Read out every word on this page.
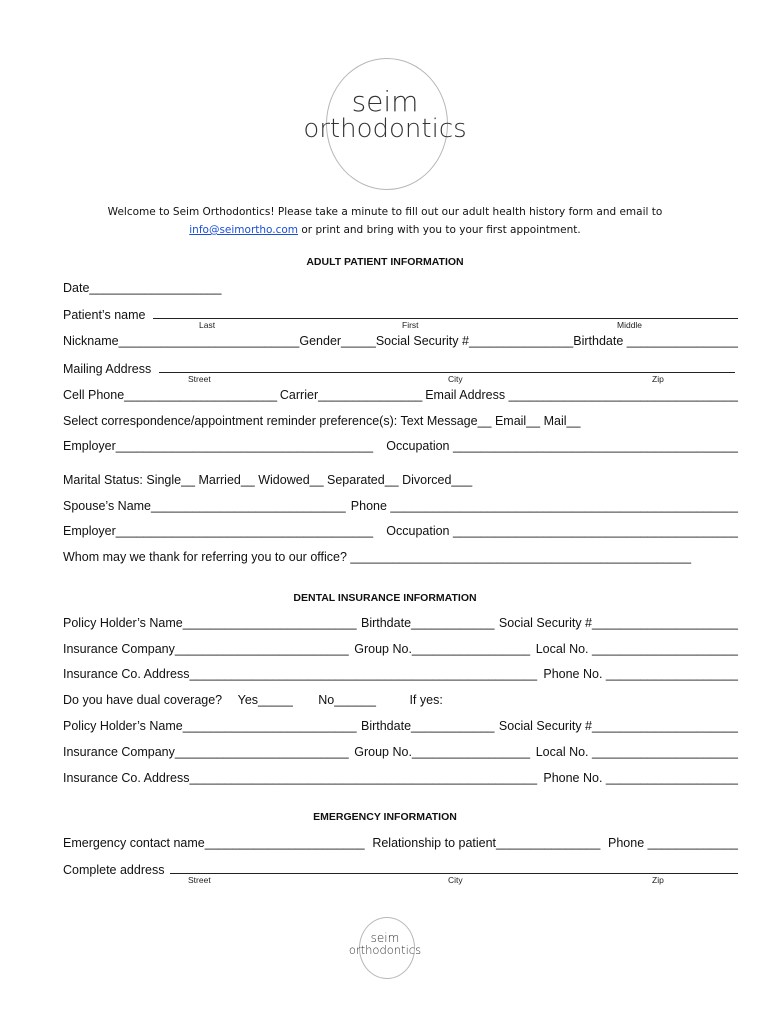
seim
orthodontics
Welcome to Seim Orthodontics! Please take a minute to fill out our adult health history form and email to
info@seimortho.com or print and bring with you to your first appointment.
ADULT PATIENT INFORMATION
Date___________________
Patient’s name
Last	First	Middle
Nickname__________________________ Gender_____ Social Security #_______________ Birthdate ________________
Mailing Address
Street	City	Zip
Cell Phone______________________ Carrier_______________ Email Address _________________________________
Select correspondence/appointment reminder preference(s): Text Message__ Email__ Mail__
Employer_____________________________________ Occupation _________________________________________
Marital Status: Single__ Married__ Widowed__ Separated__ Divorced___
Spouse’s Name____________________________ Phone __________________________________________________
Employer_____________________________________ Occupation _________________________________________
Whom may we thank for referring you to our office? _________________________________________________
DENTAL INSURANCE INFORMATION
Policy Holder’s Name_________________________ Birthdate____________ Social Security #_____________________
Insurance Company_________________________ Group No._________________ Local No. _____________________
Insurance Co. Address__________________________________________________ Phone No. ___________________
Do you have dual coverage? Yes_____ No______	If yes:
Policy Holder’s Name_________________________ Birthdate____________ Social Security #_____________________
Insurance Company_________________________ Group No._________________ Local No. _____________________
Insurance Co. Address__________________________________________________ Phone No. ___________________
EMERGENCY INFORMATION
Emergency contact name_______________________ Relationship to patient_______________ Phone _____________
Complete address
Street	City	Zip
seim
orthodontics
